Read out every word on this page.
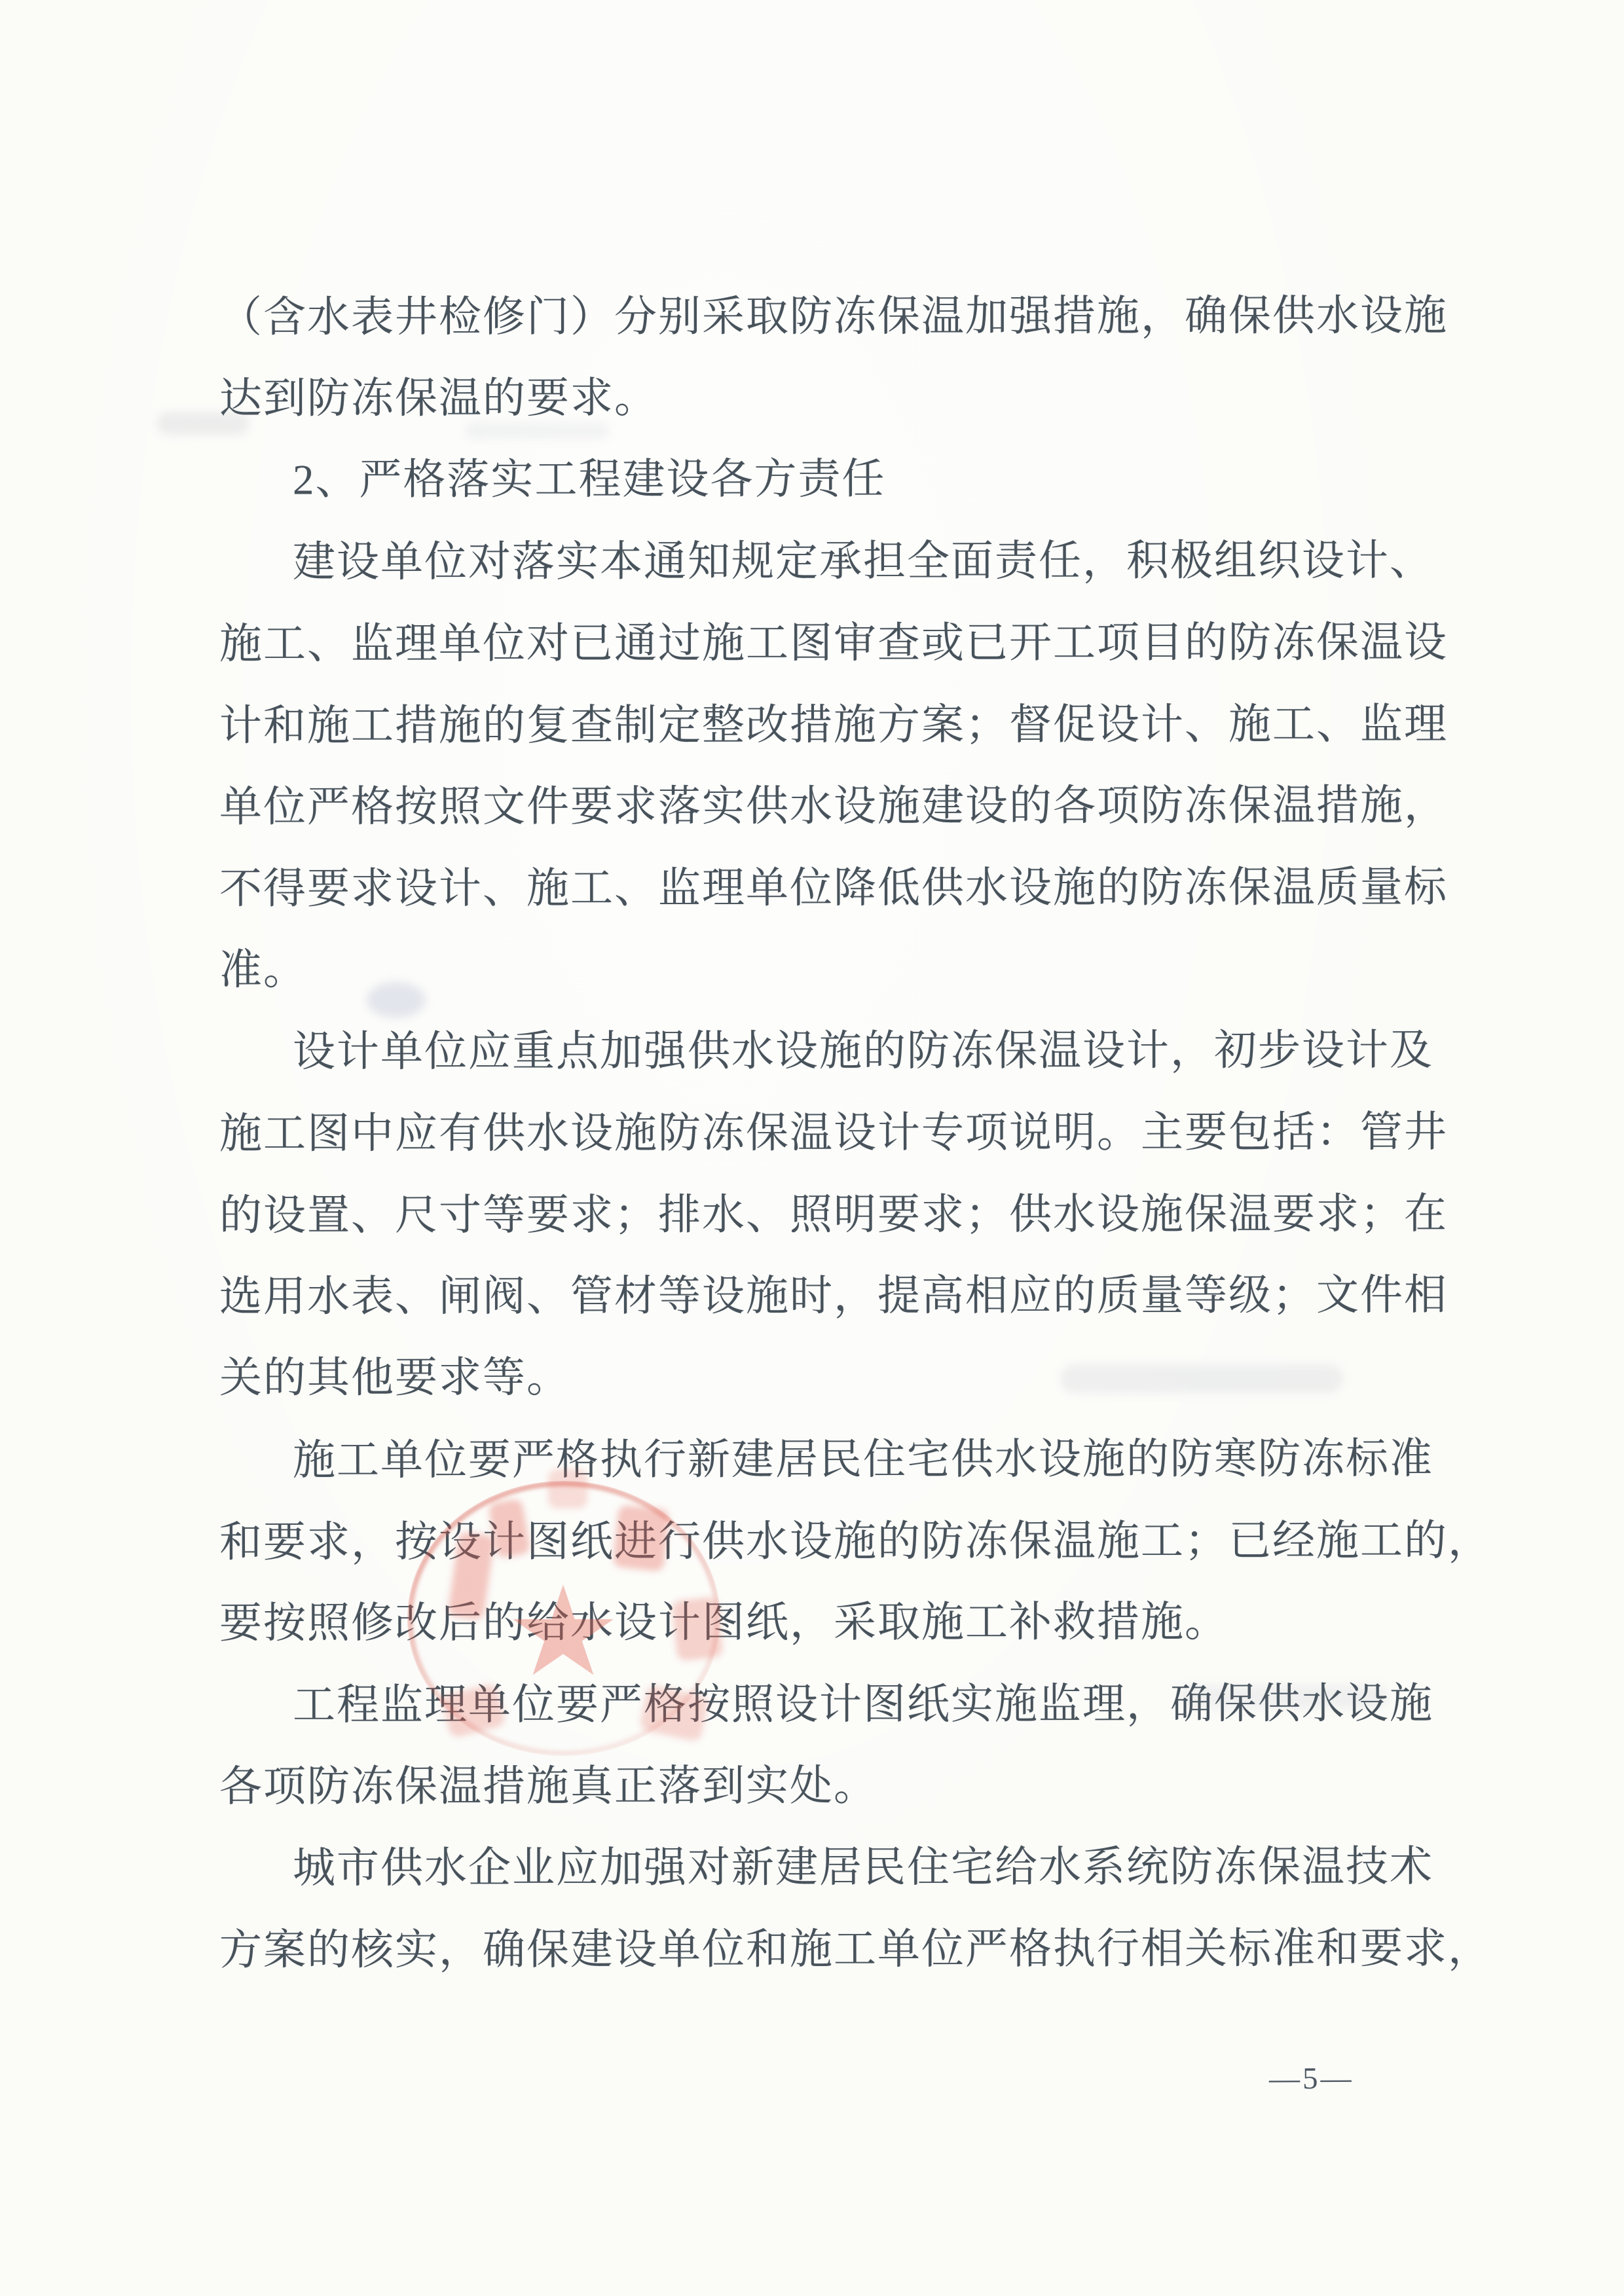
（含水表井检修门）分别采取防冻保温加强措施，确保供水设施
达到防冻保温的要求。
2、严格落实工程建设各方责任
建设单位对落实本通知规定承担全面责任，积极组织设计、
施工、监理单位对已通过施工图审查或已开工项目的防冻保温设
计和施工措施的复查制定整改措施方案；督促设计、施工、监理
单位严格按照文件要求落实供水设施建设的各项防冻保温措施，
不得要求设计、施工、监理单位降低供水设施的防冻保温质量标
准。
设计单位应重点加强供水设施的防冻保温设计，初步设计及
施工图中应有供水设施防冻保温设计专项说明。主要包括：管井
的设置、尺寸等要求；排水、照明要求；供水设施保温要求；在
选用水表、闸阀、管材等设施时，提高相应的质量等级；文件相
关的其他要求等。
施工单位要严格执行新建居民住宅供水设施的防寒防冻标准
和要求，按设计图纸进行供水设施的防冻保温施工；已经施工的，
要按照修改后的给水设计图纸，采取施工补救措施。
工程监理单位要严格按照设计图纸实施监理，确保供水设施
各项防冻保温措施真正落到实处。
城市供水企业应加强对新建居民住宅给水系统防冻保温技术
方案的核实，确保建设单位和施工单位严格执行相关标准和要求，
—5—
